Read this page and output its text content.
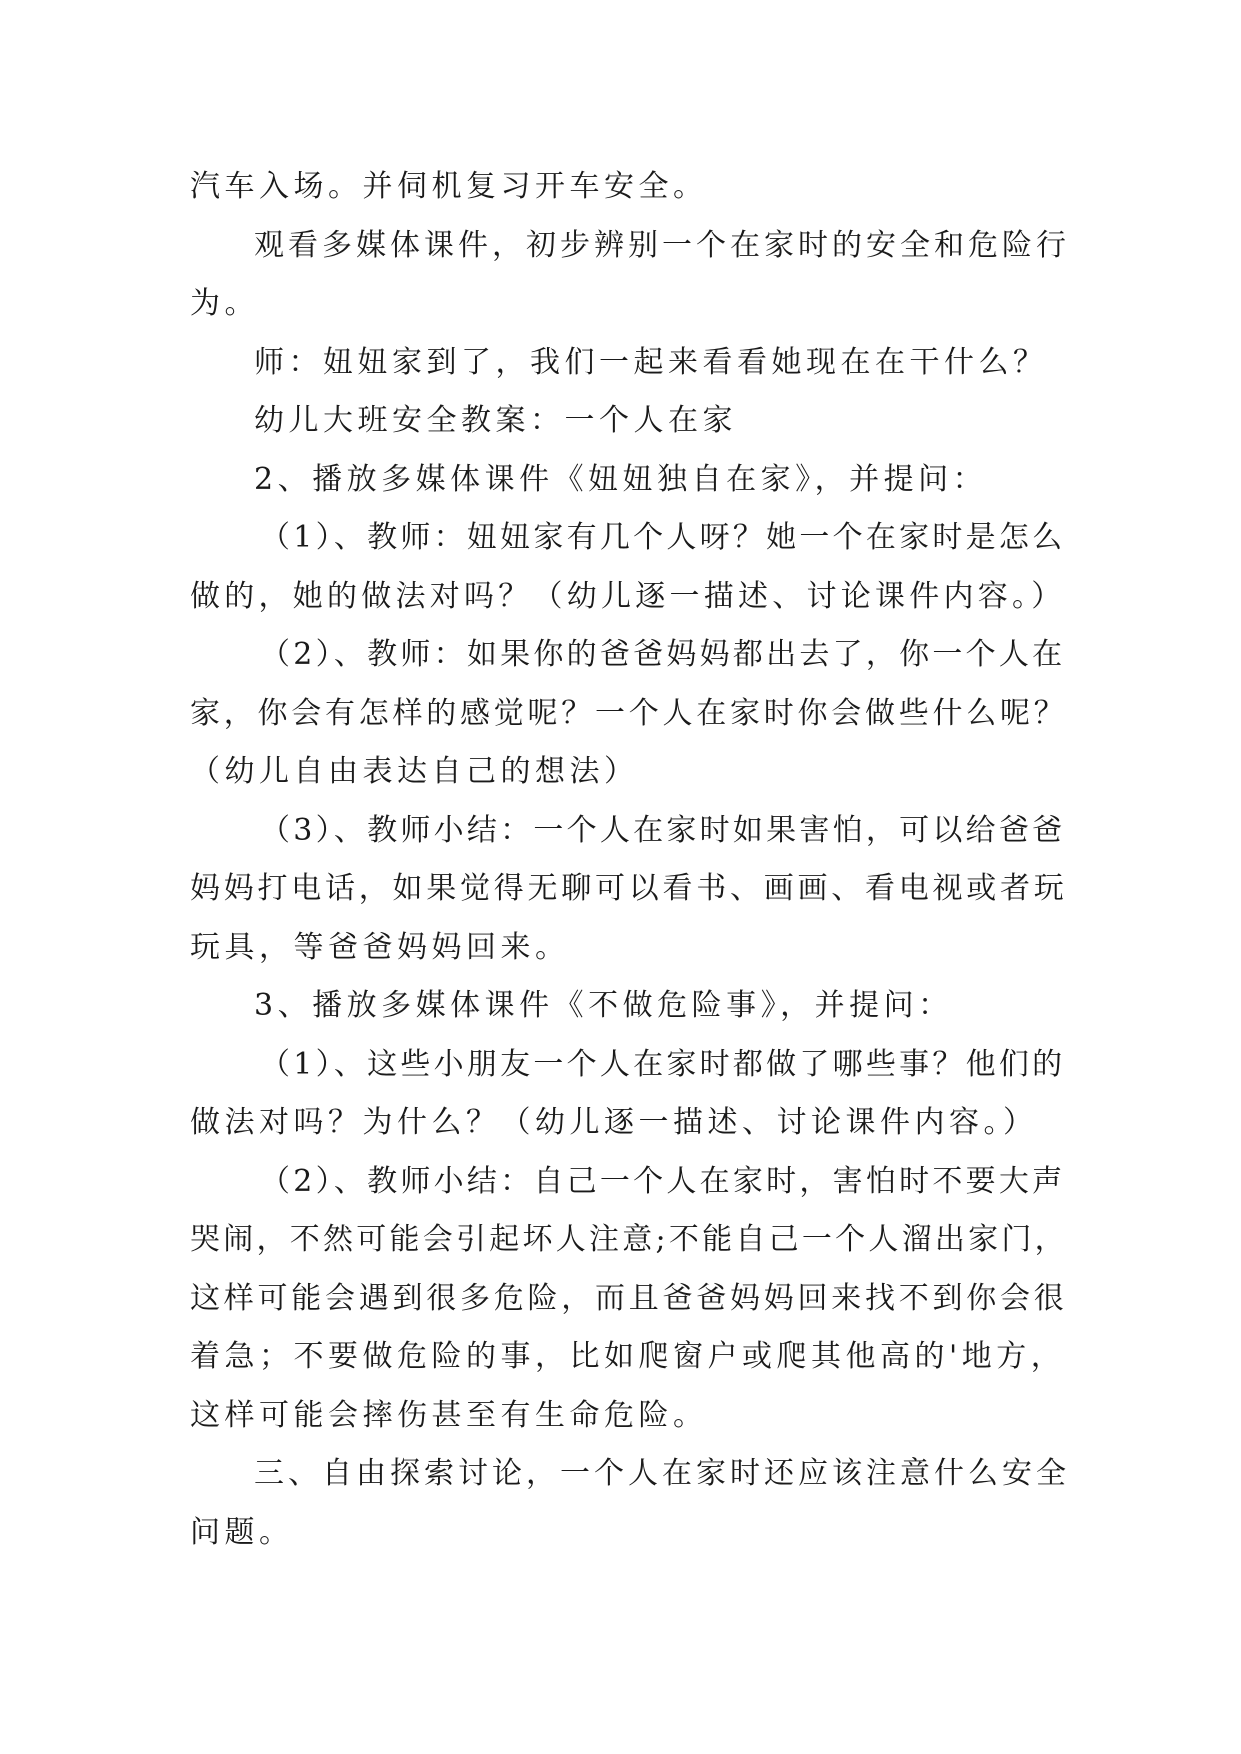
汽车入场。并伺机复习开车安全。
观看多媒体课件，初步辨别一个在家时的安全和危险行
为。
师：妞妞家到了，我们一起来看看她现在在干什么？
幼儿大班安全教案：一个人在家
2、播放多媒体课件《妞妞独自在家》，并提问：
（1）、教师：妞妞家有几个人呀？她一个在家时是怎么
做的，她的做法对吗？（幼儿逐一描述、讨论课件内容。）
（2）、教师：如果你的爸爸妈妈都出去了，你一个人在
家，你会有怎样的感觉呢？一个人在家时你会做些什么呢？
（幼儿自由表达自己的想法）
（3）、教师小结：一个人在家时如果害怕，可以给爸爸
妈妈打电话，如果觉得无聊可以看书、画画、看电视或者玩
玩具，等爸爸妈妈回来。
3、播放多媒体课件《不做危险事》，并提问：
（1）、这些小朋友一个人在家时都做了哪些事？他们的
做法对吗？为什么？（幼儿逐一描述、讨论课件内容。）
（2）、教师小结：自己一个人在家时，害怕时不要大声
哭闹，不然可能会引起坏人注意;不能自己一个人溜出家门，
这样可能会遇到很多危险，而且爸爸妈妈回来找不到你会很
着急；不要做危险的事，比如爬窗户或爬其他高的'地方，
这样可能会摔伤甚至有生命危险。
三、自由探索讨论，一个人在家时还应该注意什么安全
问题。
